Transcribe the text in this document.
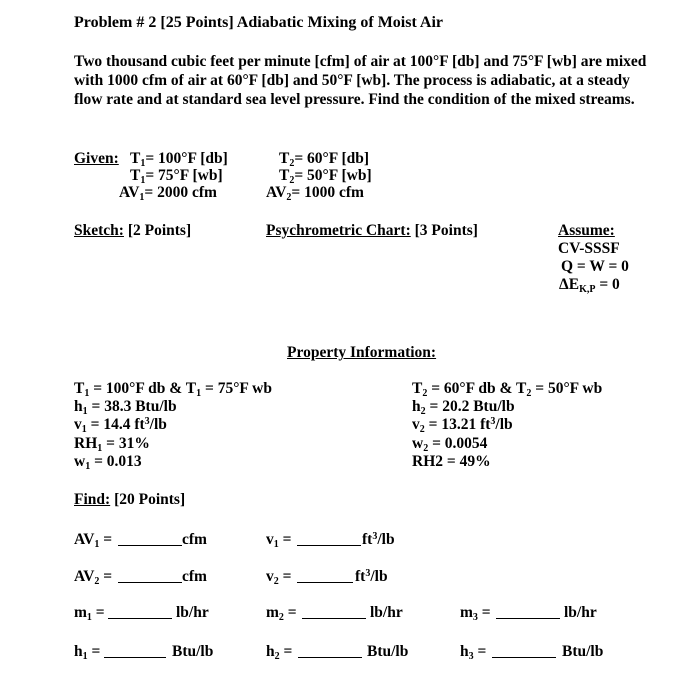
Problem # 2 [25 Points] Adiabatic Mixing of Moist Air
Two thousand cubic feet per minute [cfm] of air at 100°F [db] and 75°F [wb] are mixed with 1000 cfm of air at 60°F [db] and 50°F [wb]. The process is adiabatic, at a steady flow rate and at standard sea level pressure. Find the condition of the mixed streams.
Given: $T_1= 100^\circ F$ [db]
$T_1= 75^\circ F$ [wb]
$AV_1= 2000$ cfm
$T_2= 60^\circ F$ [db]
$T_2= 50^\circ F$ [wb]
$AV_2= 1000$ cfm
Sketch: [2 Points]	Psychrometric Chart: [3 Points]	Assume:
CV-SSSF
Q = W = 0
$\Delta E_{K,P} = 0$
Property Information:
$T_1 = 100^\circ F$ db & $T_1 = 75^\circ F$ wb
$h_1 = 38.3$ Btu/lb
$v_1 = 14.4$ $ft^3/lb$
$RH_1 = 31\%$
$w_1 = 0.013$
$T_2 = 60^\circ F$ db & $T_2 = 50^\circ F$ wb
$h_2 = 20.2$ Btu/lb
$v_2 = 13.21$ $ft^3/lb$
$w_2 = 0.0054$
RH2 = 49%
Find: [20 Points]
$AV_1$ =	cfm	$v_1$ =	$ft^3/lb$
$AV_2$ =	cfm	$v_2$ =	$ft^3/lb$
$m_1$ =	lb/hr	$m_2$ =	lb/hr	$m_3$ =	lb/hr
$h_1$ =	Btu/lb	$h_2$ =	Btu/lb	$h_3$ =	Btu/lb
